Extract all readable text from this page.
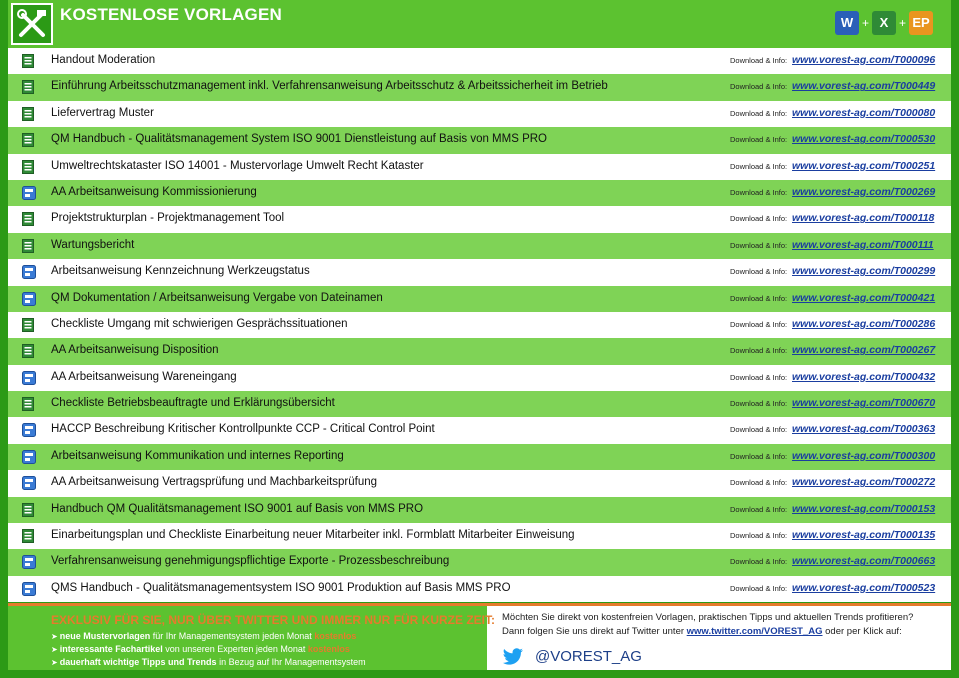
KOSTENLOSE VORLAGEN	W + X + EP
Handout Moderation	Download & Info: www.vorest-ag.com/T000096
Einführung Arbeitsschutzmanagement inkl. Verfahrensanweisung Arbeitsschutz & Arbeitssicherheit im Betrieb	Download & Info: www.vorest-ag.com/T000449
Liefervertrag Muster	Download & Info: www.vorest-ag.com/T000080
QM Handbuch - Qualitätsmanagement System ISO 9001 Dienstleistung auf Basis von MMS PRO	Download & Info: www.vorest-ag.com/T000530
Umweltrechtskataster ISO 14001 - Mustervorlage Umwelt Recht Kataster	Download & Info: www.vorest-ag.com/T000251
AA Arbeitsanweisung Kommissionierung	Download & Info: www.vorest-ag.com/T000269
Projektstrukturplan - Projektmanagement Tool	Download & Info: www.vorest-ag.com/T000118
Wartungsbericht	Download & Info: www.vorest-ag.com/T000111
Arbeitsanweisung Kennzeichnung Werkzeugstatus	Download & Info: www.vorest-ag.com/T000299
QM Dokumentation / Arbeitsanweisung Vergabe von Dateinamen	Download & Info: www.vorest-ag.com/T000421
Checkliste Umgang mit schwierigen Gesprächssituationen	Download & Info: www.vorest-ag.com/T000286
AA Arbeitsanweisung Disposition	Download & Info: www.vorest-ag.com/T000267
AA Arbeitsanweisung Wareneingang	Download & Info: www.vorest-ag.com/T000432
Checkliste Betriebsbeauftragte und Erklärungsübersicht	Download & Info: www.vorest-ag.com/T000670
HACCP Beschreibung Kritischer Kontrollpunkte CCP - Critical Control Point	Download & Info: www.vorest-ag.com/T000363
Arbeitsanweisung Kommunikation und internes Reporting	Download & Info: www.vorest-ag.com/T000300
AA Arbeitsanweisung Vertragsprüfung und Machbarkeitsprüfung	Download & Info: www.vorest-ag.com/T000272
Handbuch QM Qualitätsmanagement ISO 9001 auf Basis von MMS PRO	Download & Info: www.vorest-ag.com/T000153
Einarbeitungsplan und Checkliste Einarbeitung neuer Mitarbeiter inkl. Formblatt Mitarbeiter Einweisung	Download & Info: www.vorest-ag.com/T000135
Verfahrensanweisung genehmigungspflichtige Exporte - Prozessbeschreibung	Download & Info: www.vorest-ag.com/T000663
QMS Handbuch - Qualitätsmanagementsystem ISO 9001 Produktion auf Basis MMS PRO	Download & Info: www.vorest-ag.com/T000523
EXKLUSIV FÜR SIE, NUR ÜBER TWITTER UND IMMER NUR FÜR KURZE ZEIT:
➤ neue Mustervorlagen für Ihr Managementsystem jeden Monat kostenlos
➤ interessante Fachartikel von unseren Experten jeden Monat kostenlos
➤ dauerhaft wichtige Tipps und Trends in Bezug auf Ihr Managementsystem
Möchten Sie direkt von kostenfreien Vorlagen, praktischen Tipps und aktuellen Trends profitieren?
Dann folgen Sie uns direkt auf Twitter unter www.twitter.com/VOREST_AG oder per Klick auf:
@VOREST_AG
